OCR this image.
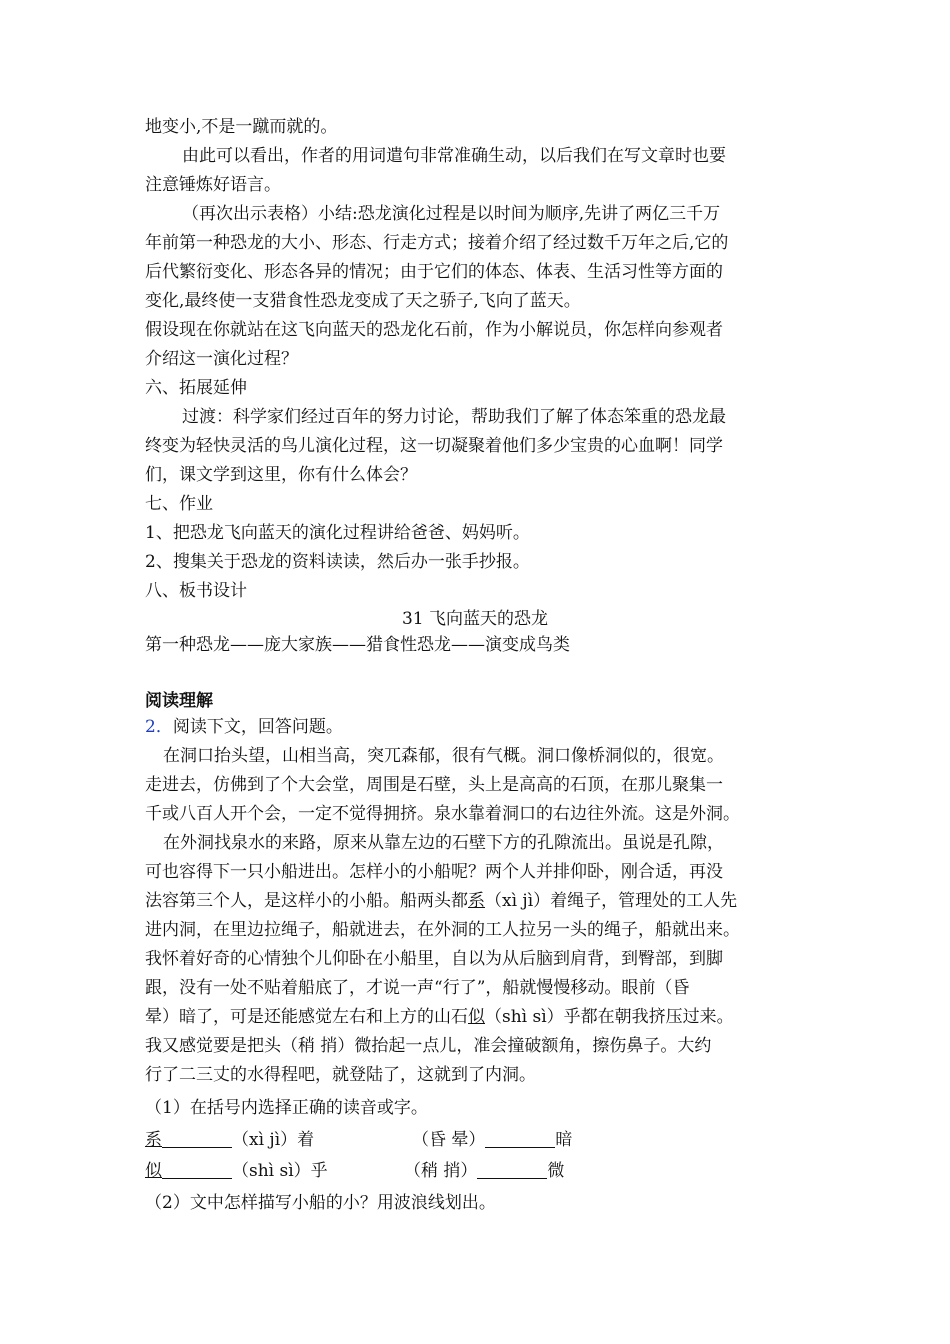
地变小,不是一蹴而就的。
由此可以看出，作者的用词遣句非常准确生动，以后我们在写文章时也要
注意锤炼好语言。
（再次出示表格）小结:恐龙演化过程是以时间为顺序,先讲了两亿三千万
年前第一种恐龙的大小、形态、行走方式；接着介绍了经过数千万年之后,它的
后代繁衍变化、形态各异的情况；由于它们的体态、体表、生活习性等方面的
变化,最终使一支猎食性恐龙变成了天之骄子,飞向了蓝天。
假设现在你就站在这飞向蓝天的恐龙化石前，作为小解说员，你怎样向参观者
介绍这一演化过程？
六、拓展延伸
过渡：科学家们经过百年的努力讨论，帮助我们了解了体态笨重的恐龙最
终变为轻快灵活的鸟儿演化过程，这一切凝聚着他们多少宝贵的心血啊！同学
们，课文学到这里，你有什么体会？
七、作业
1、把恐龙飞向蓝天的演化过程讲给爸爸、妈妈听。
2、搜集关于恐龙的资料读读，然后办一张手抄报。
八、板书设计
31 飞向蓝天的恐龙
第一种恐龙——庞大家族——猎食性恐龙——演变成鸟类
阅读理解
2．阅读下文，回答问题。
在洞口抬头望，山相当高，突兀森郁，很有气概。洞口像桥洞似的，很宽。
走进去，仿佛到了个大会堂，周围是石壁，头上是高高的石顶，在那儿聚集一
千或八百人开个会，一定不觉得拥挤。泉水靠着洞口的右边往外流。这是外洞。
在外洞找泉水的来路，原来从靠左边的石壁下方的孔隙流出。虽说是孔隙，
可也容得下一只小船进出。怎样小的小船呢？两个人并排仰卧，刚合适，再没
法容第三个人，是这样小的小船。船两头都系（xì jì）着绳子，管理处的工人先
进内洞，在里边拉绳子，船就进去，在外洞的工人拉另一头的绳子，船就出来。
我怀着好奇的心情独个儿仰卧在小船里，自以为从后脑到肩背，到臀部，到脚
跟，没有一处不贴着船底了，才说一声“行了”，船就慢慢移动。眼前（昏
晕）暗了，可是还能感觉左右和上方的山石似（shì sì）乎都在朝我挤压过来。
我又感觉要是把头（稍 捎）微抬起一点儿，准会撞破额角，擦伤鼻子。大约
行了二三丈的水得程吧，就登陆了，这就到了内洞。
（1）在括号内选择正确的读音或字。
系	（xì jì）着	（昏 晕）	暗
似	（shì sì）乎	（稍 捎）	微
（2）文中怎样描写小船的小？用波浪线划出。
